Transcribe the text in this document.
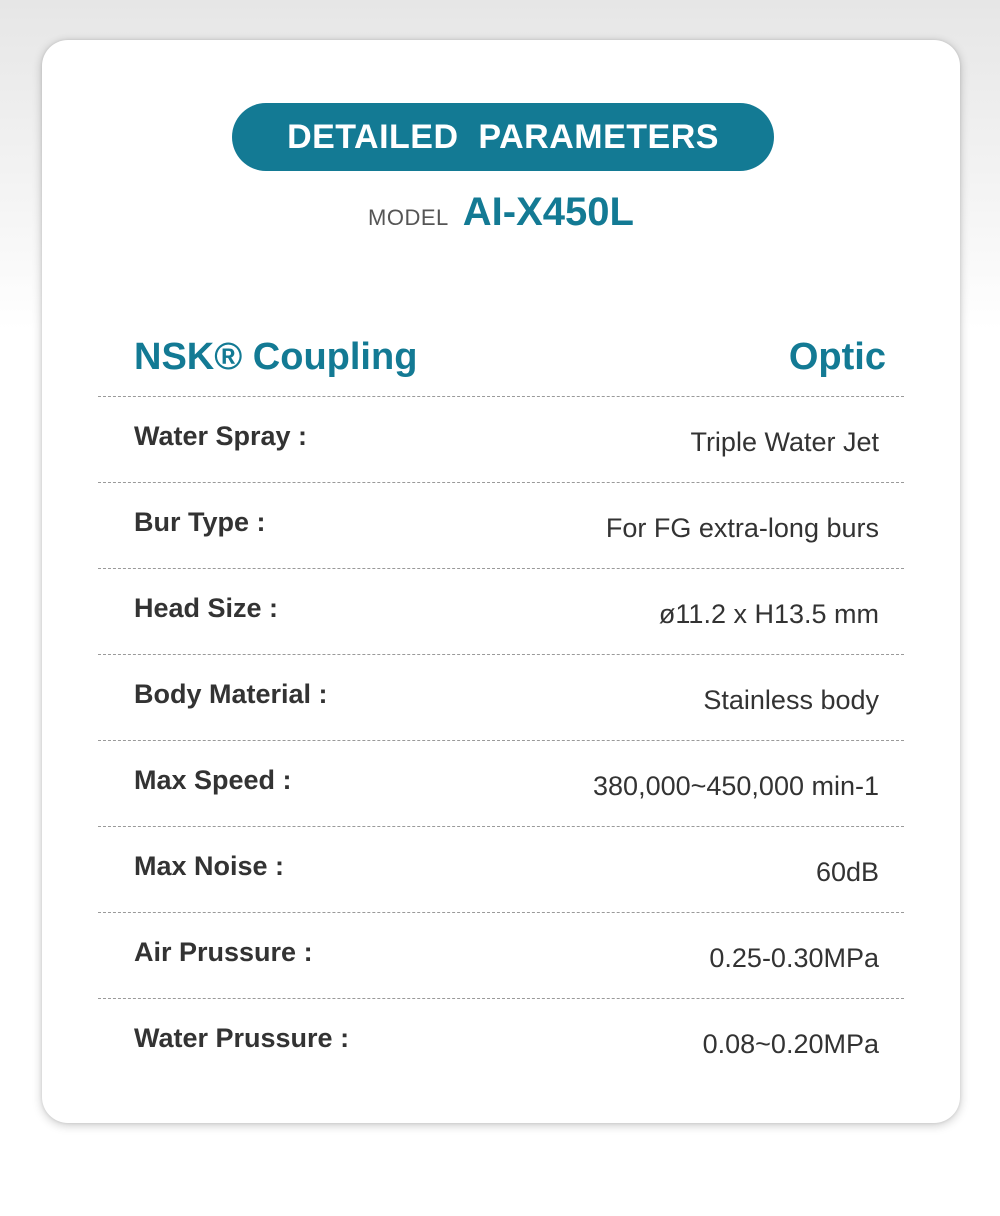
DETAILED  PARAMETERS
MODEL AI-X450L
NSK® Coupling	Optic
Water Spray :	Triple Water Jet
Bur Type :	For FG extra-long burs
Head Size :	ø11.2 x H13.5 mm
Body Material :	Stainless body
Max Speed :	380,000~450,000 min-1
Max Noise :	60dB
Air Prussure :	0.25-0.30MPa
Water Prussure :	0.08~0.20MPa
